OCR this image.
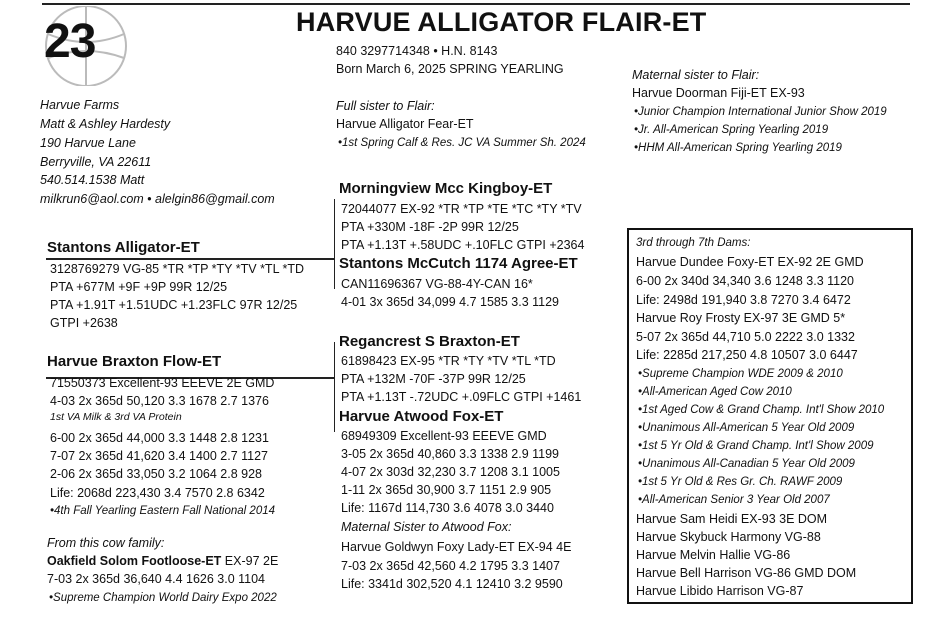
23	HARVUE ALLIGATOR FLAIR-ET
840 3297714348 • H.N. 8143
Born March 6, 2025 SPRING YEARLING
Harvue Farms
Matt & Ashley Hardesty
190 Harvue Lane
Berryville, VA 22611
540.514.1538 Matt
milkrun6@aol.com • alelgin86@gmail.com
Full sister to Flair:
Harvue Alligator Fear-ET
•1st Spring Calf & Res. JC VA Summer Sh. 2024
Maternal sister to Flair:
Harvue Doorman Fiji-ET EX-93
•Junior Champion International Junior Show 2019
•Jr. All-American Spring Yearling 2019
•HHM All-American Spring Yearling 2019
Stantons Alligator-ET
3128769279 VG-85 *TR *TP *TY *TV *TL *TD
PTA +677M +9F +9P 99R 12/25
PTA +1.91T +1.51UDC +1.23FLC 97R 12/25
GTPI +2638
Morningview Mcc Kingboy-ET
72044077 EX-92 *TR *TP *TE *TC *TY *TV
PTA +330M -18F -2P 99R 12/25
PTA +1.13T +.58UDC +.10FLC GTPI +2364
Stantons McCutch 1174 Agree-ET
CAN11696367 VG-88-4Y-CAN 16*
4-01 3x 365d 34,099 4.7 1585 3.3 1129
Harvue Braxton Flow-ET
71550373 Excellent-93 EEEVE 2E GMD
4-03 2x 365d 50,120 3.3 1678 2.7 1376
1st VA Milk & 3rd VA Protein
6-00 2x 365d 44,000 3.3 1448 2.8 1231
7-07 2x 365d 41,620 3.4 1400 2.7 1127
2-06 2x 365d 33,050 3.2 1064 2.8 928
Life: 2068d 223,430 3.4 7570 2.8 6342
•4th Fall Yearling Eastern Fall National 2014
From this cow family:
Oakfield Solom Footloose-ET EX-97 2E
7-03 2x 365d 36,640 4.4 1626 3.0 1104
•Supreme Champion World Dairy Expo 2022
Regancrest S Braxton-ET
61898423 EX-95 *TR *TY *TV *TL *TD
PTA +132M -70F -37P 99R 12/25
PTA +1.13T -.72UDC +.09FLC GTPI +1461
Harvue Atwood Fox-ET
68949309 Excellent-93 EEEVE GMD
3-05 2x 365d 40,860 3.3 1338 2.9 1199
4-07 2x 303d 32,230 3.7 1208 3.1 1005
1-11 2x 365d 30,900 3.7 1151 2.9 905
Life: 1167d 114,730 3.6 4078 3.0 3440
Maternal Sister to Atwood Fox:
Harvue Goldwyn Foxy Lady-ET EX-94 4E
7-03 2x 365d 42,560 4.2 1795 3.3 1407
Life: 3341d 302,520 4.1 12410 3.2 9590
3rd through 7th Dams:
Harvue Dundee Foxy-ET EX-92 2E GMD
6-00 2x 340d 34,340 3.6 1248 3.3 1120
Life: 2498d 191,940 3.8 7270 3.4 6472
Harvue Roy Frosty EX-97 3E GMD 5*
5-07 2x 365d 44,710 5.0 2222 3.0 1332
Life: 2285d 217,250 4.8 10507 3.0 6447
•Supreme Champion WDE 2009 & 2010
•All-American Aged Cow 2010
•1st Aged Cow & Grand Champ. Int'l Show 2010
•Unanimous All-American 5 Year Old 2009
•1st 5 Yr Old & Grand Champ. Int'l Show 2009
•Unanimous All-Canadian 5 Year Old 2009
•1st 5 Yr Old & Res Gr. Ch. RAWF 2009
•All-American Senior 3 Year Old 2007
Harvue Sam Heidi EX-93 3E DOM
Harvue Skybuck Harmony VG-88
Harvue Melvin Hallie VG-86
Harvue Bell Harrison VG-86 GMD DOM
Harvue Libido Harrison VG-87
